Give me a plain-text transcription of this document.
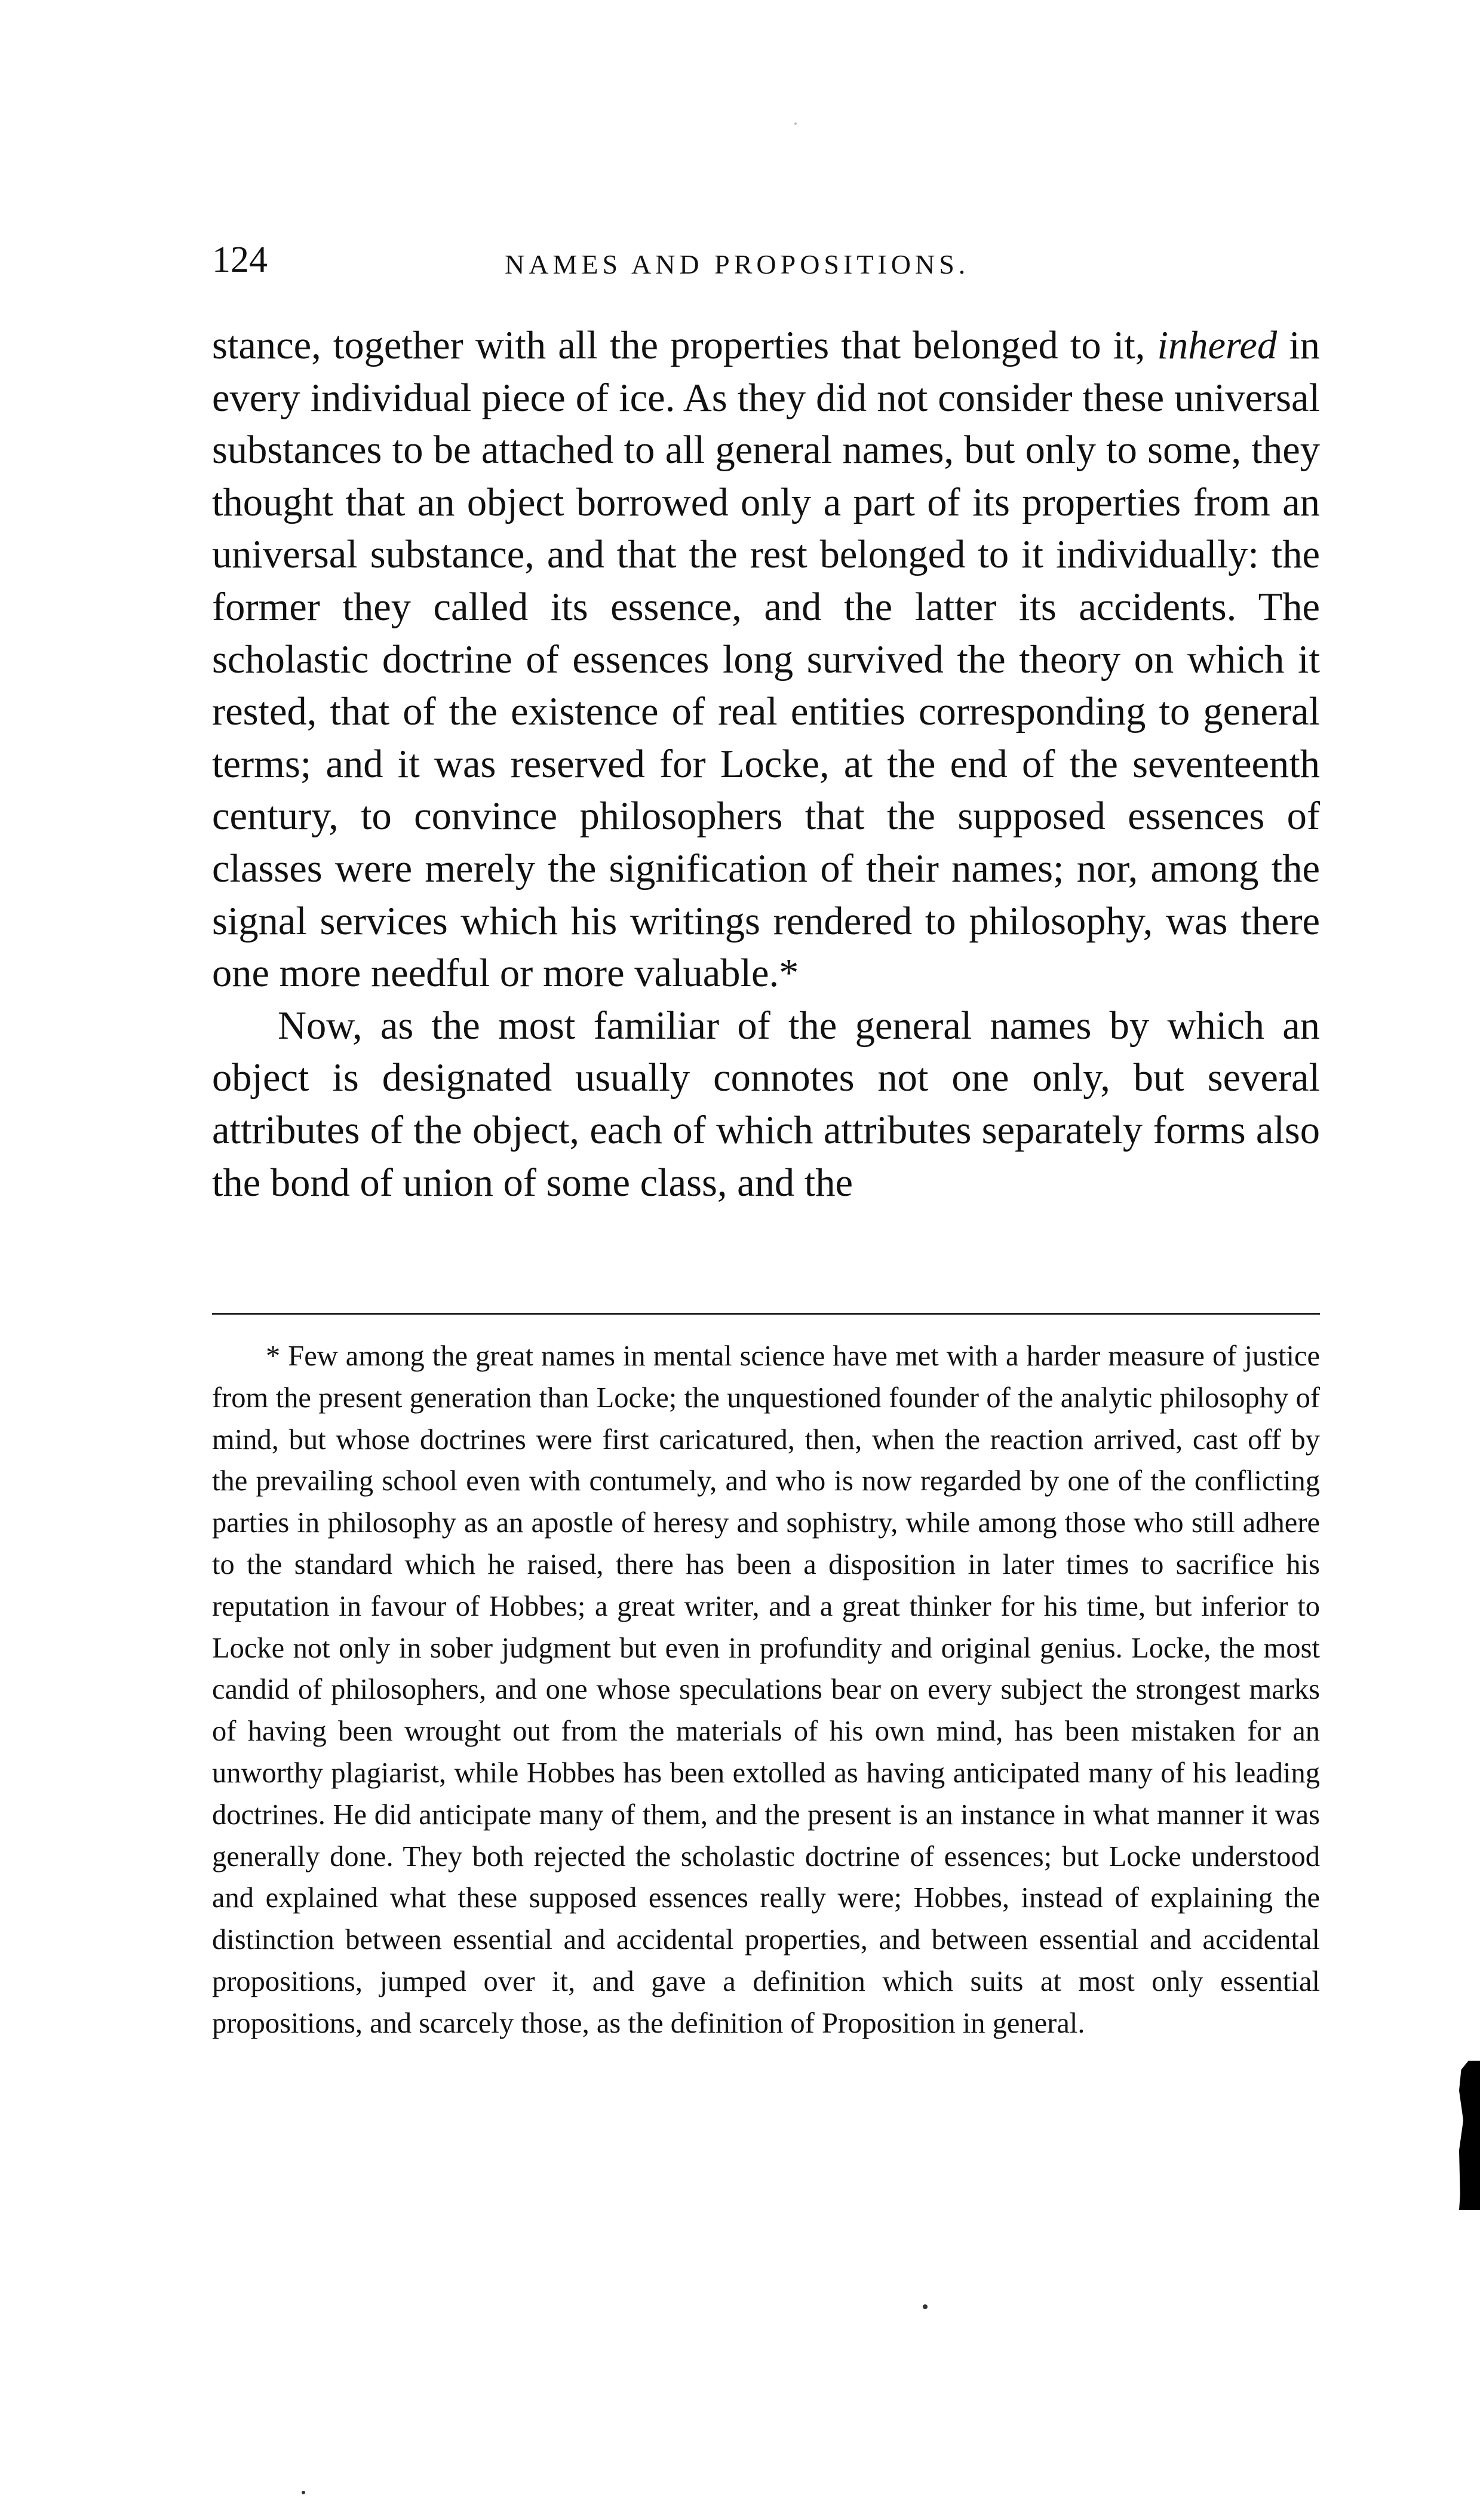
124	NAMES AND PROPOSITIONS.

stance, together with all the properties that belonged to it, inhered in every individual piece of ice. As they did not consider these universal substances to be attached to all general names, but only to some, they thought that an object borrowed only a part of its properties from an universal substance, and that the rest belonged to it individually: the former they called its essence, and the latter its accidents. The scholastic doctrine of essences long survived the theory on which it rested, that of the existence of real entities corresponding to general terms; and it was reserved for Locke, at the end of the seventeenth century, to convince philosophers that the supposed essences of classes were merely the signification of their names; nor, among the signal services which his writings rendered to philosophy, was there one more needful or more valuable.*

Now, as the most familiar of the general names by which an object is designated usually connotes not one only, but several attributes of the object, each of which attributes separately forms also the bond of union of some class, and the

* Few among the great names in mental science have met with a harder measure of justice from the present generation than Locke; the unquestioned founder of the analytic philosophy of mind, but whose doctrines were first caricatured, then, when the reaction arrived, cast off by the prevailing school even with contumely, and who is now regarded by one of the conflicting parties in philosophy as an apostle of heresy and sophistry, while among those who still adhere to the standard which he raised, there has been a disposition in later times to sacrifice his reputation in favour of Hobbes; a great writer, and a great thinker for his time, but inferior to Locke not only in sober judgment but even in profundity and original genius. Locke, the most candid of philosophers, and one whose speculations bear on every subject the strongest marks of having been wrought out from the materials of his own mind, has been mistaken for an unworthy plagiarist, while Hobbes has been extolled as having anticipated many of his leading doctrines. He did anticipate many of them, and the present is an instance in what manner it was generally done. They both rejected the scholastic doctrine of essences; but Locke understood and explained what these supposed essences really were; Hobbes, instead of explaining the distinction between essential and accidental properties, and between essential and accidental propositions, jumped over it, and gave a definition which suits at most only essential propositions, and scarcely those, as the definition of Proposition in general.
